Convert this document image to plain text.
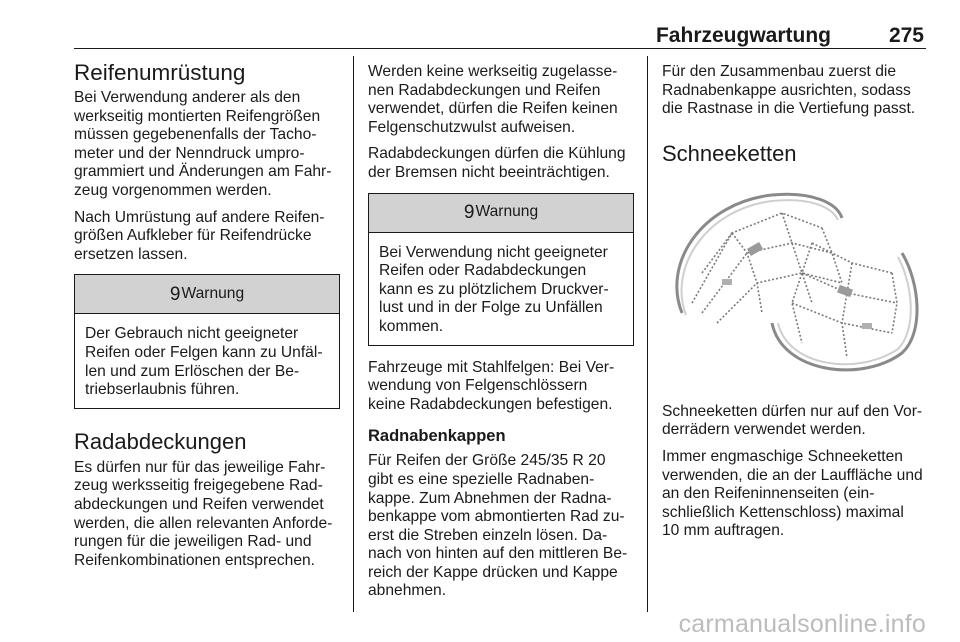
Fahrzeugwartung	275
Reifenumrüstung

Bei Verwendung anderer als den
werkseitig montierten Reifengrößen
müssen gegebenenfalls der Tacho-
meter und der Nenndruck umpro-
grammiert und Änderungen am Fahr-
zeug vorgenommen werden.

Nach Umrüstung auf andere Reifen-
größen Aufkleber für Reifendrücke
ersetzen lassen.

9 Warnung
Der Gebrauch nicht geeigneter
Reifen oder Felgen kann zu Unfäl-
len und zum Erlöschen der Be-
triebserlaubnis führen.
Radabdeckungen

Es dürfen nur für das jeweilige Fahr-
zeug werksseitig freigegebene Rad-
abdeckungen und Reifen verwendet
werden, die allen relevanten Anforde-
rungen für die jeweiligen Rad- und
Reifenkombinationen entsprechen.

Werden keine werkseitig zugelasse-
nen Radabdeckungen und Reifen
verwendet, dürfen die Reifen keinen
Felgenschutzwulst aufweisen.

Radabdeckungen dürfen die Kühlung
der Bremsen nicht beeinträchtigen.

9 Warnung
Bei Verwendung nicht geeigneter
Reifen oder Radabdeckungen
kann es zu plötzlichem Druckver-
lust und in der Folge zu Unfällen
kommen.

Fahrzeuge mit Stahlfelgen: Bei Ver-
wendung von Felgenschlössern
keine Radabdeckungen befestigen.

Radnabenkappen

Für Reifen der Größe 245/35 R 20
gibt es eine spezielle Radnaben-
kappe. Zum Abnehmen der Radna-
benkappe vom abmontierten Rad zu-
erst die Streben einzeln lösen. Da-
nach von hinten auf den mittleren Be-
reich der Kappe drücken und Kappe
abnehmen.

Für den Zusammenbau zuerst die
Radnabenkappe ausrichten, sodass
die Rastnase in die Vertiefung passt.

Schneeketten

Schneeketten dürfen nur auf den Vor-
derrädern verwendet werden.

Immer engmaschige Schneeketten
verwenden, die an der Lauffläche und
an den Reifeninnenseiten (ein-
schließlich Kettenschloss) maximal
10 mm auftragen.

carmanualsonline.info
